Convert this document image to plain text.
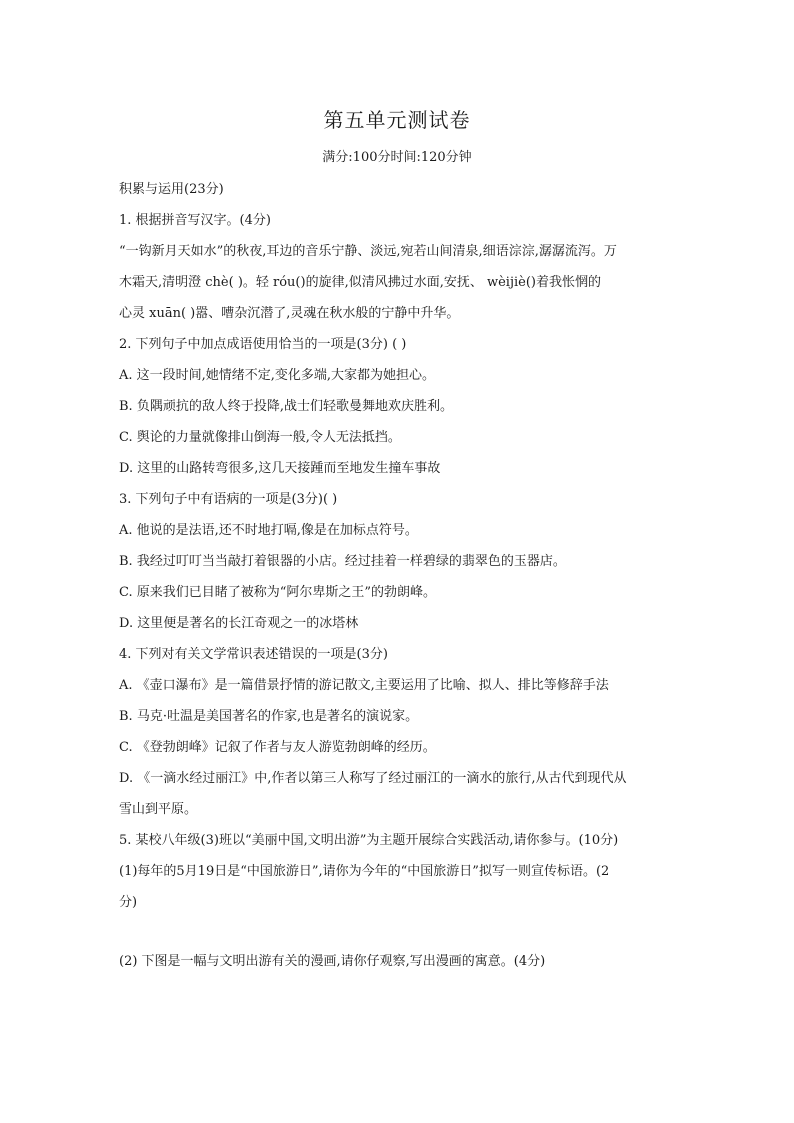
第五单元测试卷
满分:100分时间:120分钟
积累与运用(23分)
1. 根据拼音写汉字。(4分)
“一钩新月天如水”的秋夜,耳边的音乐宁静、淡远,宛若山间清泉,细语淙淙,潺潺流泻。万
木霜天,清明澄 chè( )。轻 róu()的旋律,似清风拂过水面,安抚、 wèijiè()着我怅惘的
心灵 xuān( )嚣、嘈杂沉潜了,灵魂在秋水般的宁静中升华。
2. 下列句子中加点成语使用恰当的一项是(3分) ( )
A. 这一段时间,她情绪不定,变化多端,大家都为她担心。
B. 负隅顽抗的敌人终于投降,战士们轻歌曼舞地欢庆胜利。
C. 舆论的力量就像排山倒海一般,令人无法抵挡。
D. 这里的山路转弯很多,这几天接踵而至地发生撞车事故
3. 下列句子中有语病的一项是(3分)( )
A. 他说的是法语,还不时地打嗝,像是在加标点符号。
B. 我经过叮叮当当敲打着银器的小店。经过挂着一样碧绿的翡翠色的玉器店。
C. 原来我们已目睹了被称为“阿尔卑斯之王”的勃朗峰。
D. 这里便是著名的长江奇观之一的冰塔林
4. 下列对有关文学常识表述错误的一项是(3分)
A. 《壶口瀑布》是一篇借景抒情的游记散文,主要运用了比喻、拟人、排比等修辞手法
B. 马克·吐温是美国著名的作家,也是著名的演说家。
C. 《登勃朗峰》记叙了作者与友人游览勃朗峰的经历。
D. 《一滴水经过丽江》中,作者以第三人称写了经过丽江的一滴水的旅行,从古代到现代从
雪山到平原。
5. 某校八年级(3)班以“美丽中国,文明出游”为主题开展综合实践活动,请你参与。(10分)
(1)每年的5月19日是“中国旅游日”,请你为今年的“中国旅游日”拟写一则宣传标语。(2
分)
(2) 下图是一幅与文明出游有关的漫画,请你仔观察,写出漫画的寓意。(4分)
